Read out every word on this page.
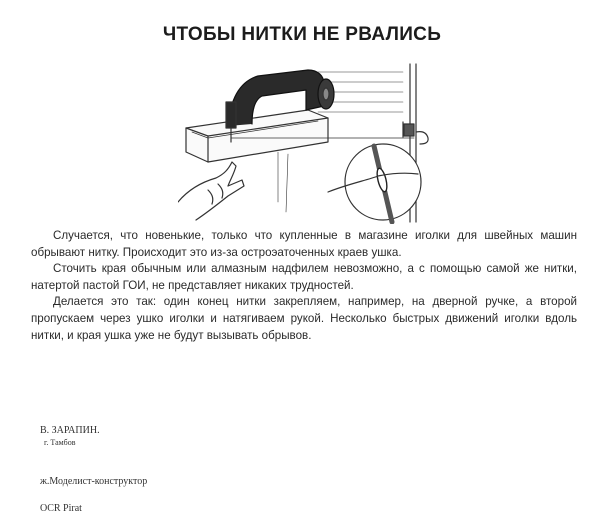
ЧТОБЫ НИТКИ НЕ РВАЛИСЬ

Случается, что новенькие, только что купленные в магазине иголки для швейных машин обрывают нитку. Происходит это из-за остроэаточенных краев ушка.

Сточить края обычным или алмазным надфилем невозможно, а с помощью самой же нитки, натертой пастой ГОИ, не представляет никаких трудностей.

Делается это так: один конец нитки закрепляем, например, на дверной ручке, а второй пропускаем через ушко иголки и натягиваем рукой. Несколько быстрых движений иголки вдоль нитки, и края ушка уже не будут вызывать обрывов.

В. ЗАРАПИН.
г. Тамбов
ж.Моделист-конструктор
OCR Pirat
